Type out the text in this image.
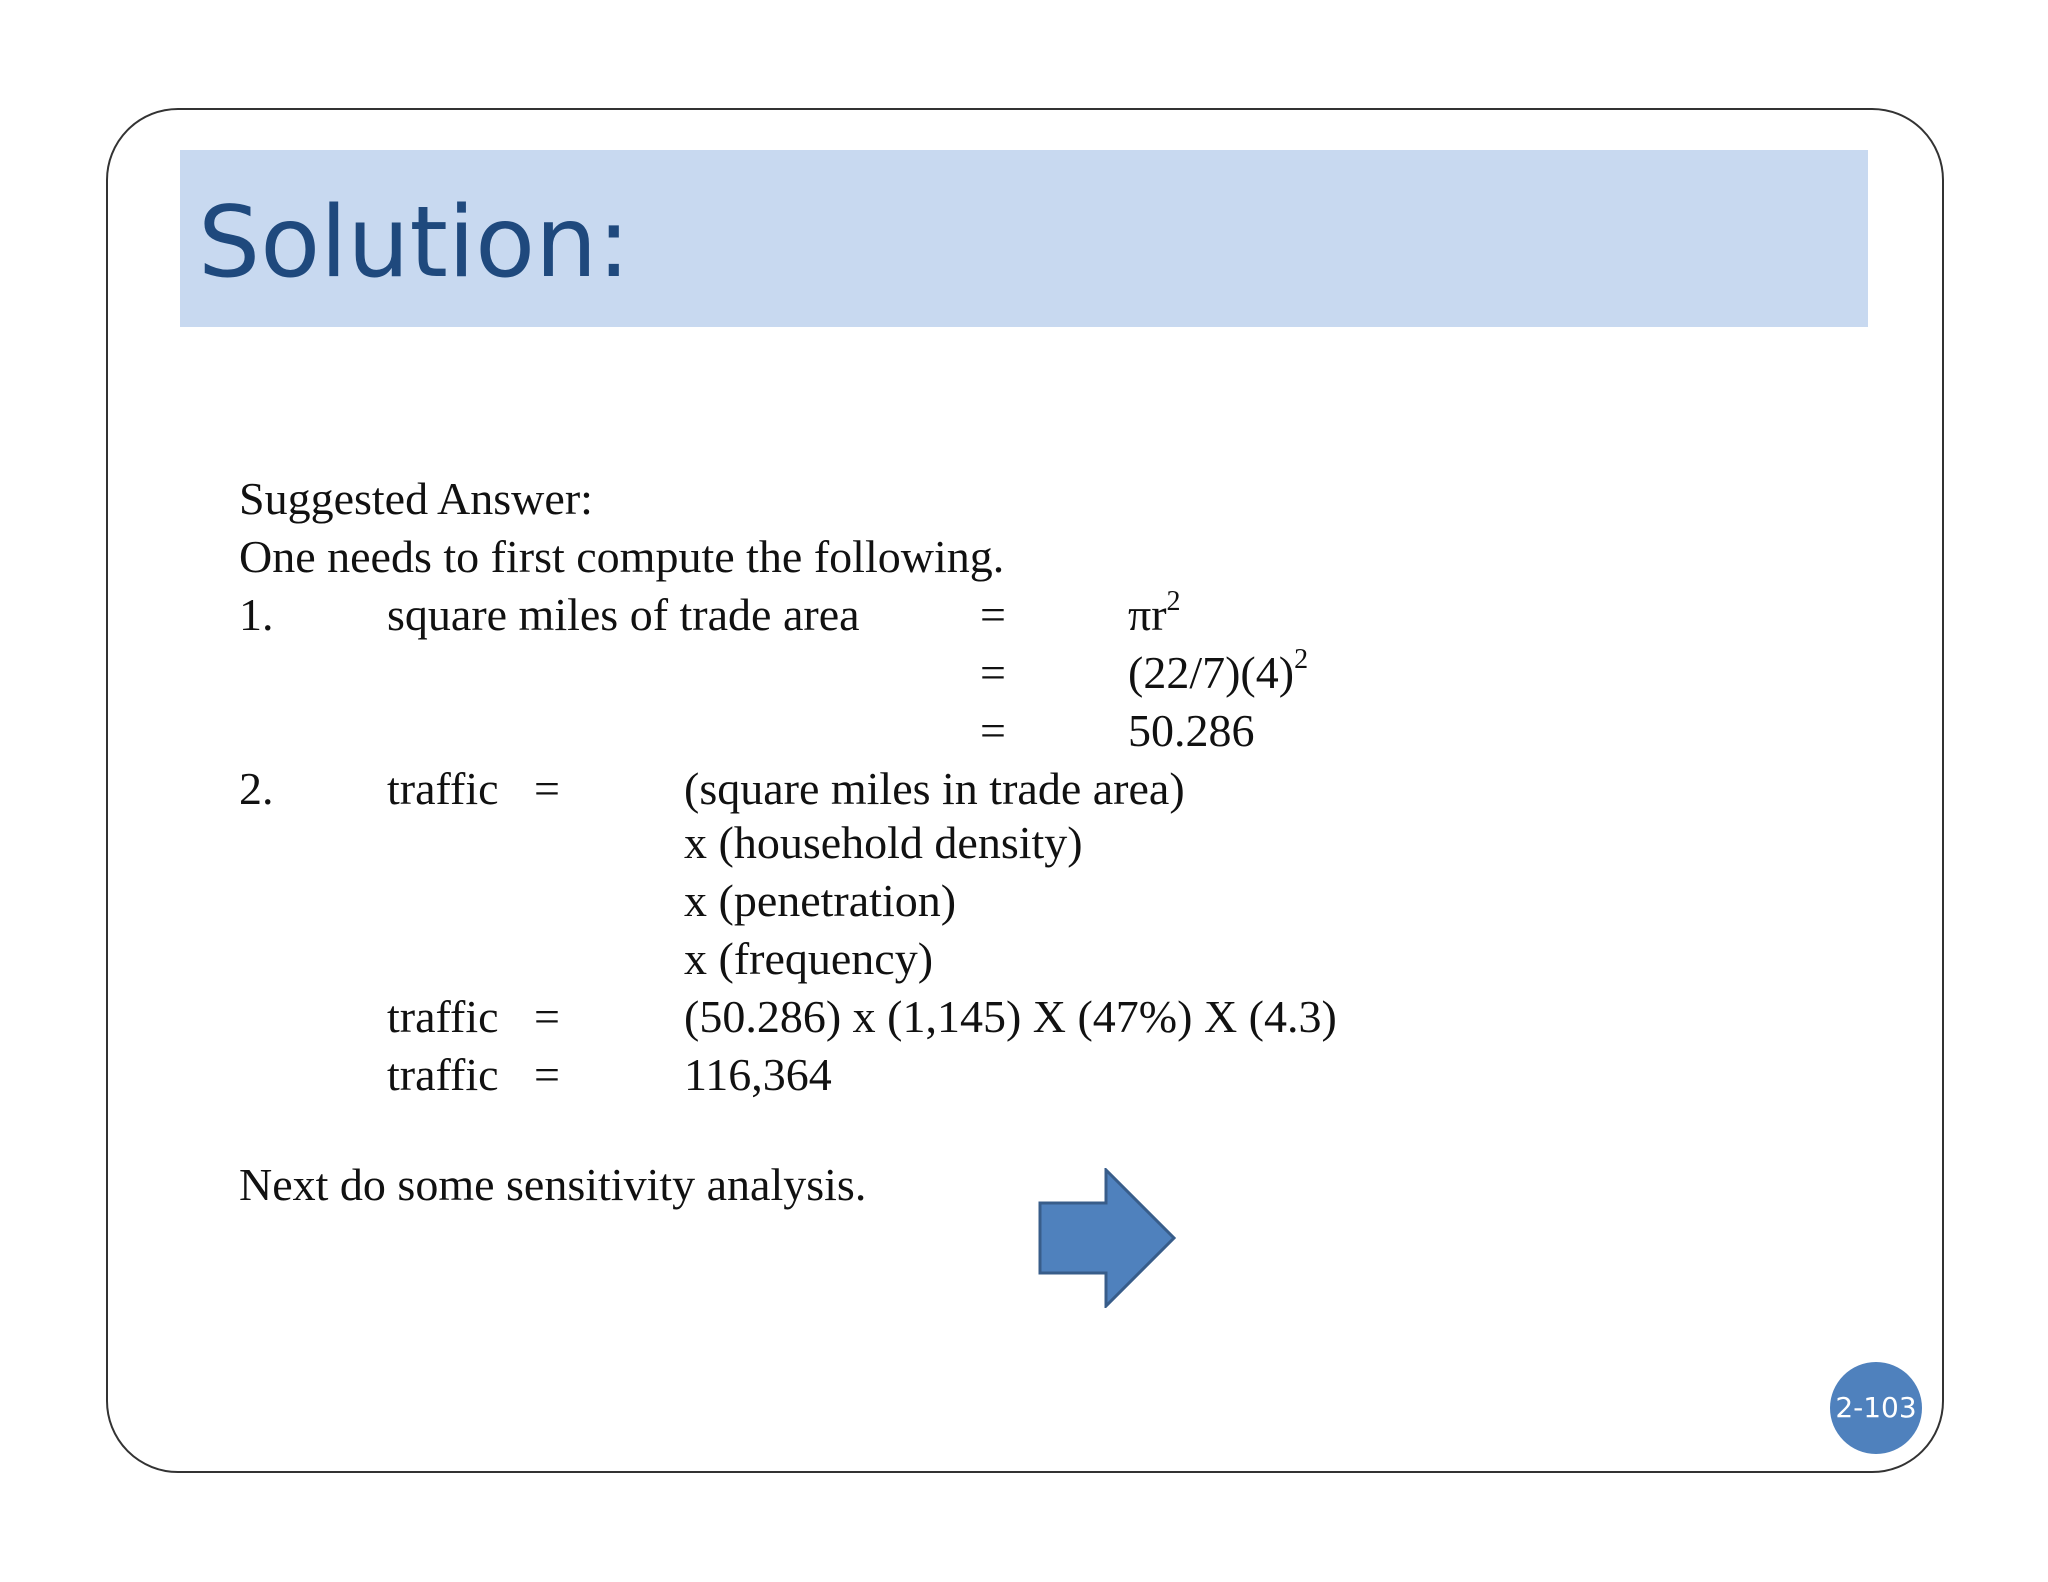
Solution:
Suggested Answer:
One needs to first compute the following.
1. square miles of trade area	=	$\pi r^2$
=	$(22/7)(4)^2$
=	50.286
2. traffic =	(square miles in trade area)
x (household density)
x (penetration)
x (frequency)
traffic =	(50.286) x (1,145) X (47%) X (4.3)
traffic =	116,364
Next do some sensitivity analysis.
2-103
